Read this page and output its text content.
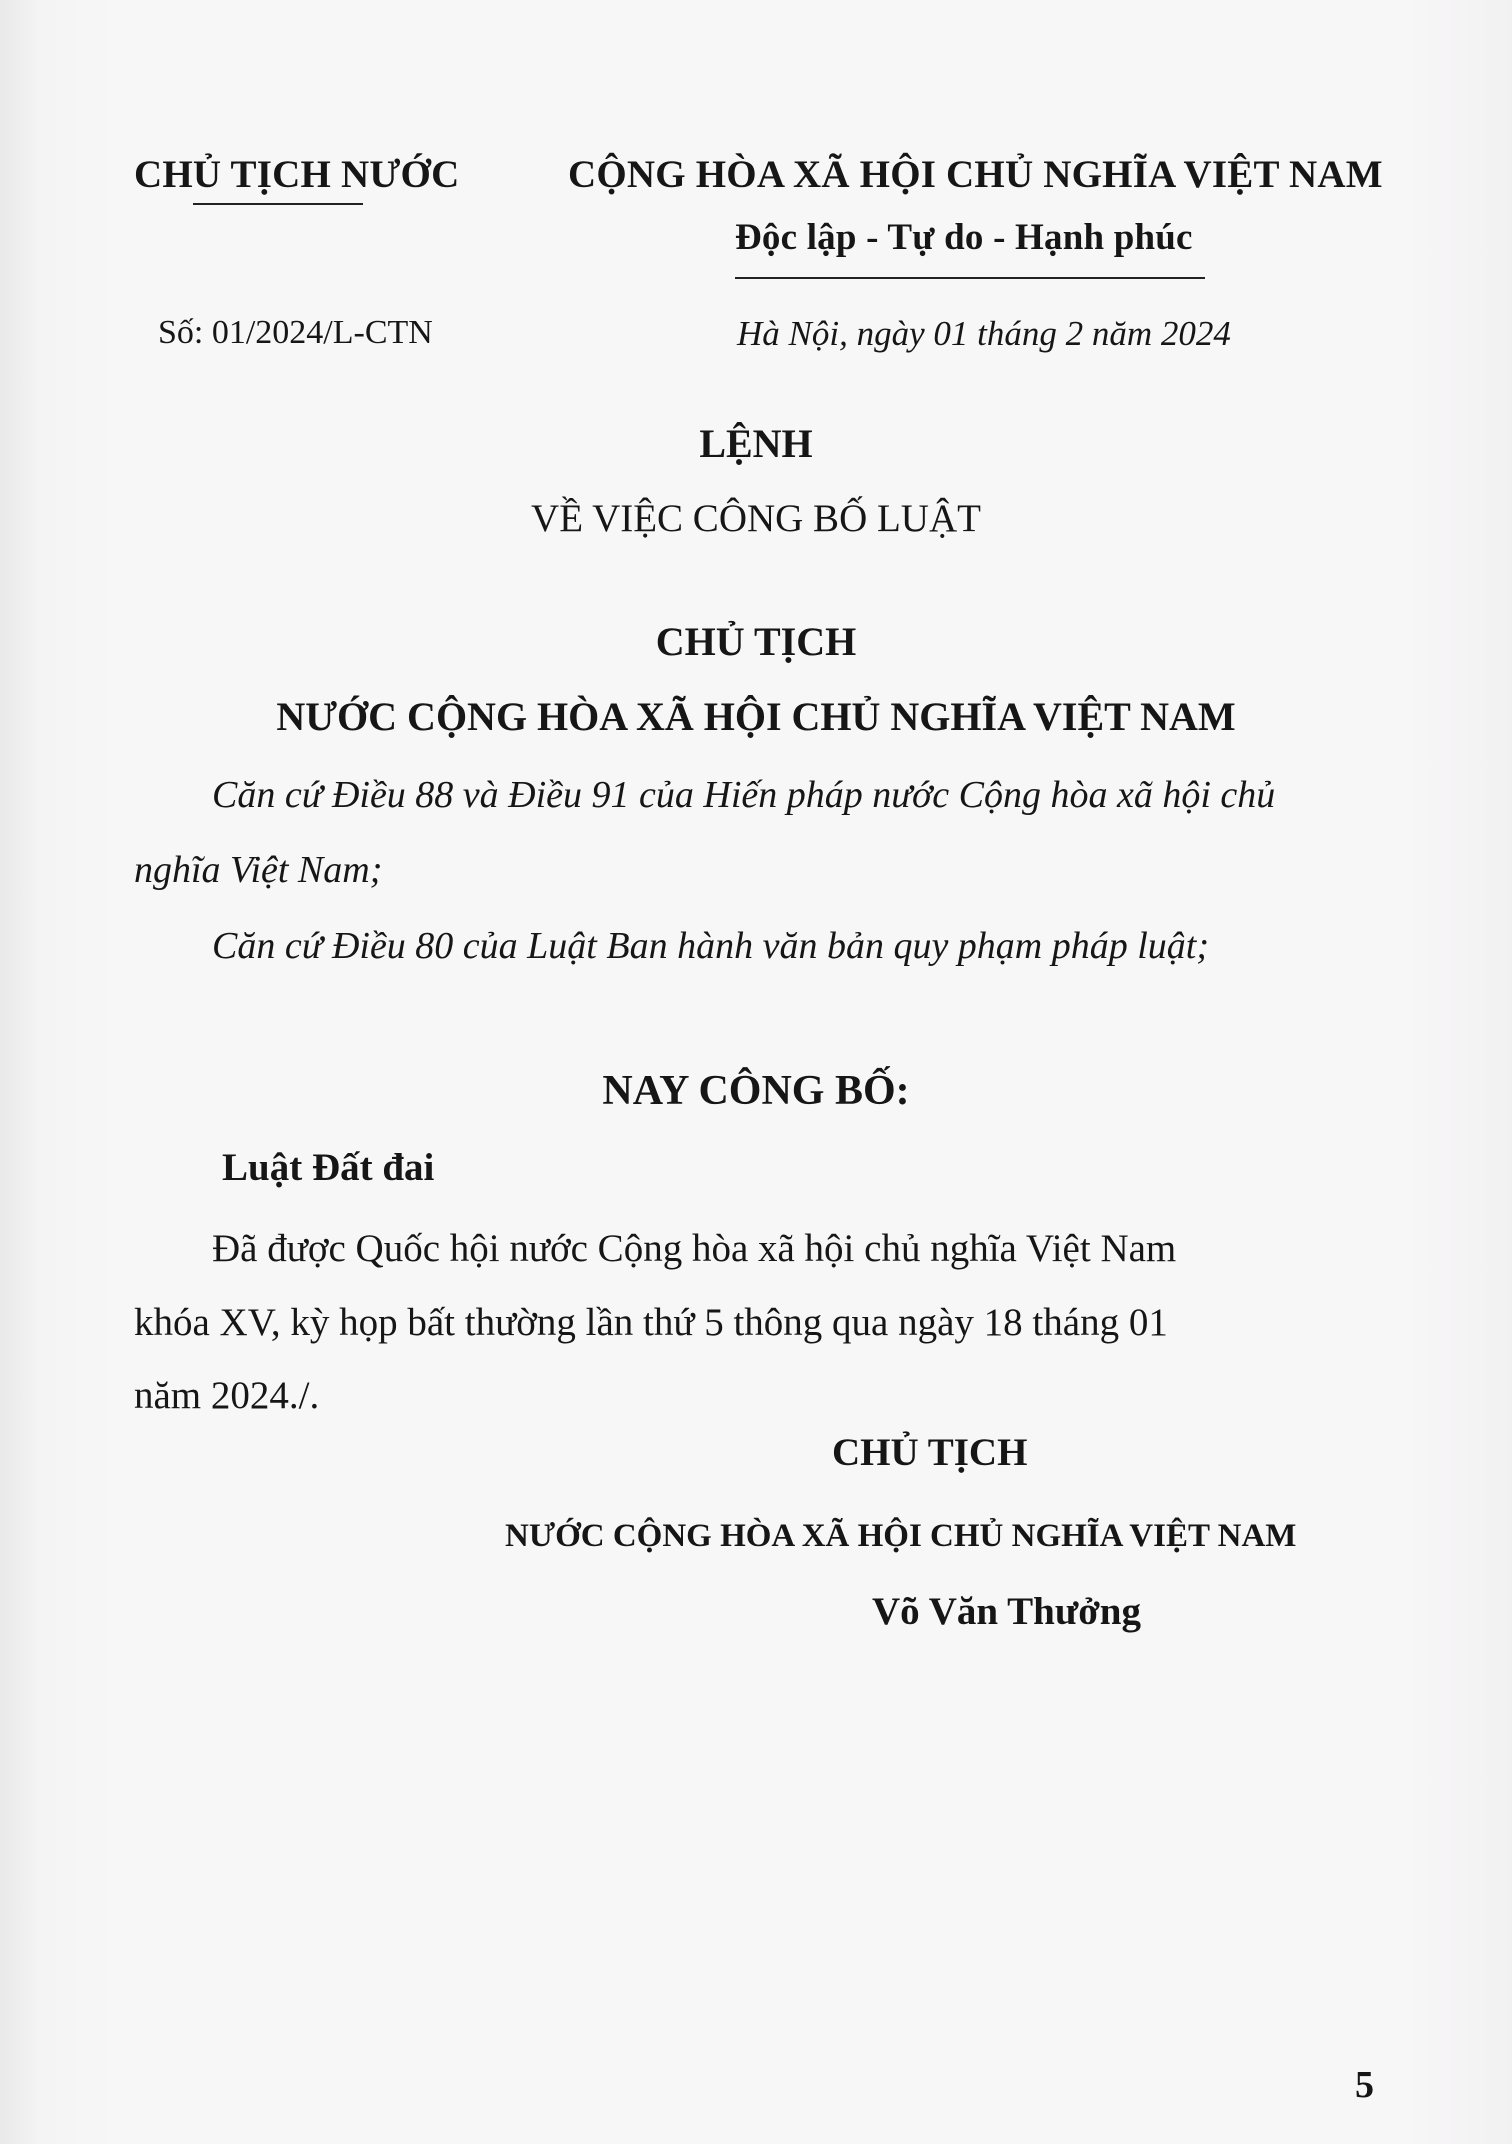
CHỦ TỊCH NƯỚC	CỘNG HÒA XÃ HỘI CHỦ NGHĨA VIỆT NAM
Độc lập - Tự do - Hạnh phúc
Số: 01/2024/L-CTN	Hà Nội, ngày 01 tháng 2 năm 2024
LỆNH
VỀ VIỆC CÔNG BỐ LUẬT
CHỦ TỊCH
NƯỚC CỘNG HÒA XÃ HỘI CHỦ NGHĨA VIỆT NAM
Căn cứ Điều 88 và Điều 91 của Hiến pháp nước Cộng hòa xã hội chủ
nghĩa Việt Nam;
Căn cứ Điều 80 của Luật Ban hành văn bản quy phạm pháp luật;
NAY CÔNG BỐ:
Luật Đất đai
Đã được Quốc hội nước Cộng hòa xã hội chủ nghĩa Việt Nam
khóa XV, kỳ họp bất thường lần thứ 5 thông qua ngày 18 tháng 01
năm 2024./.
CHỦ TỊCH
NƯỚC CỘNG HÒA XÃ HỘI CHỦ NGHĨA VIỆT NAM
Võ Văn Thưởng
5
